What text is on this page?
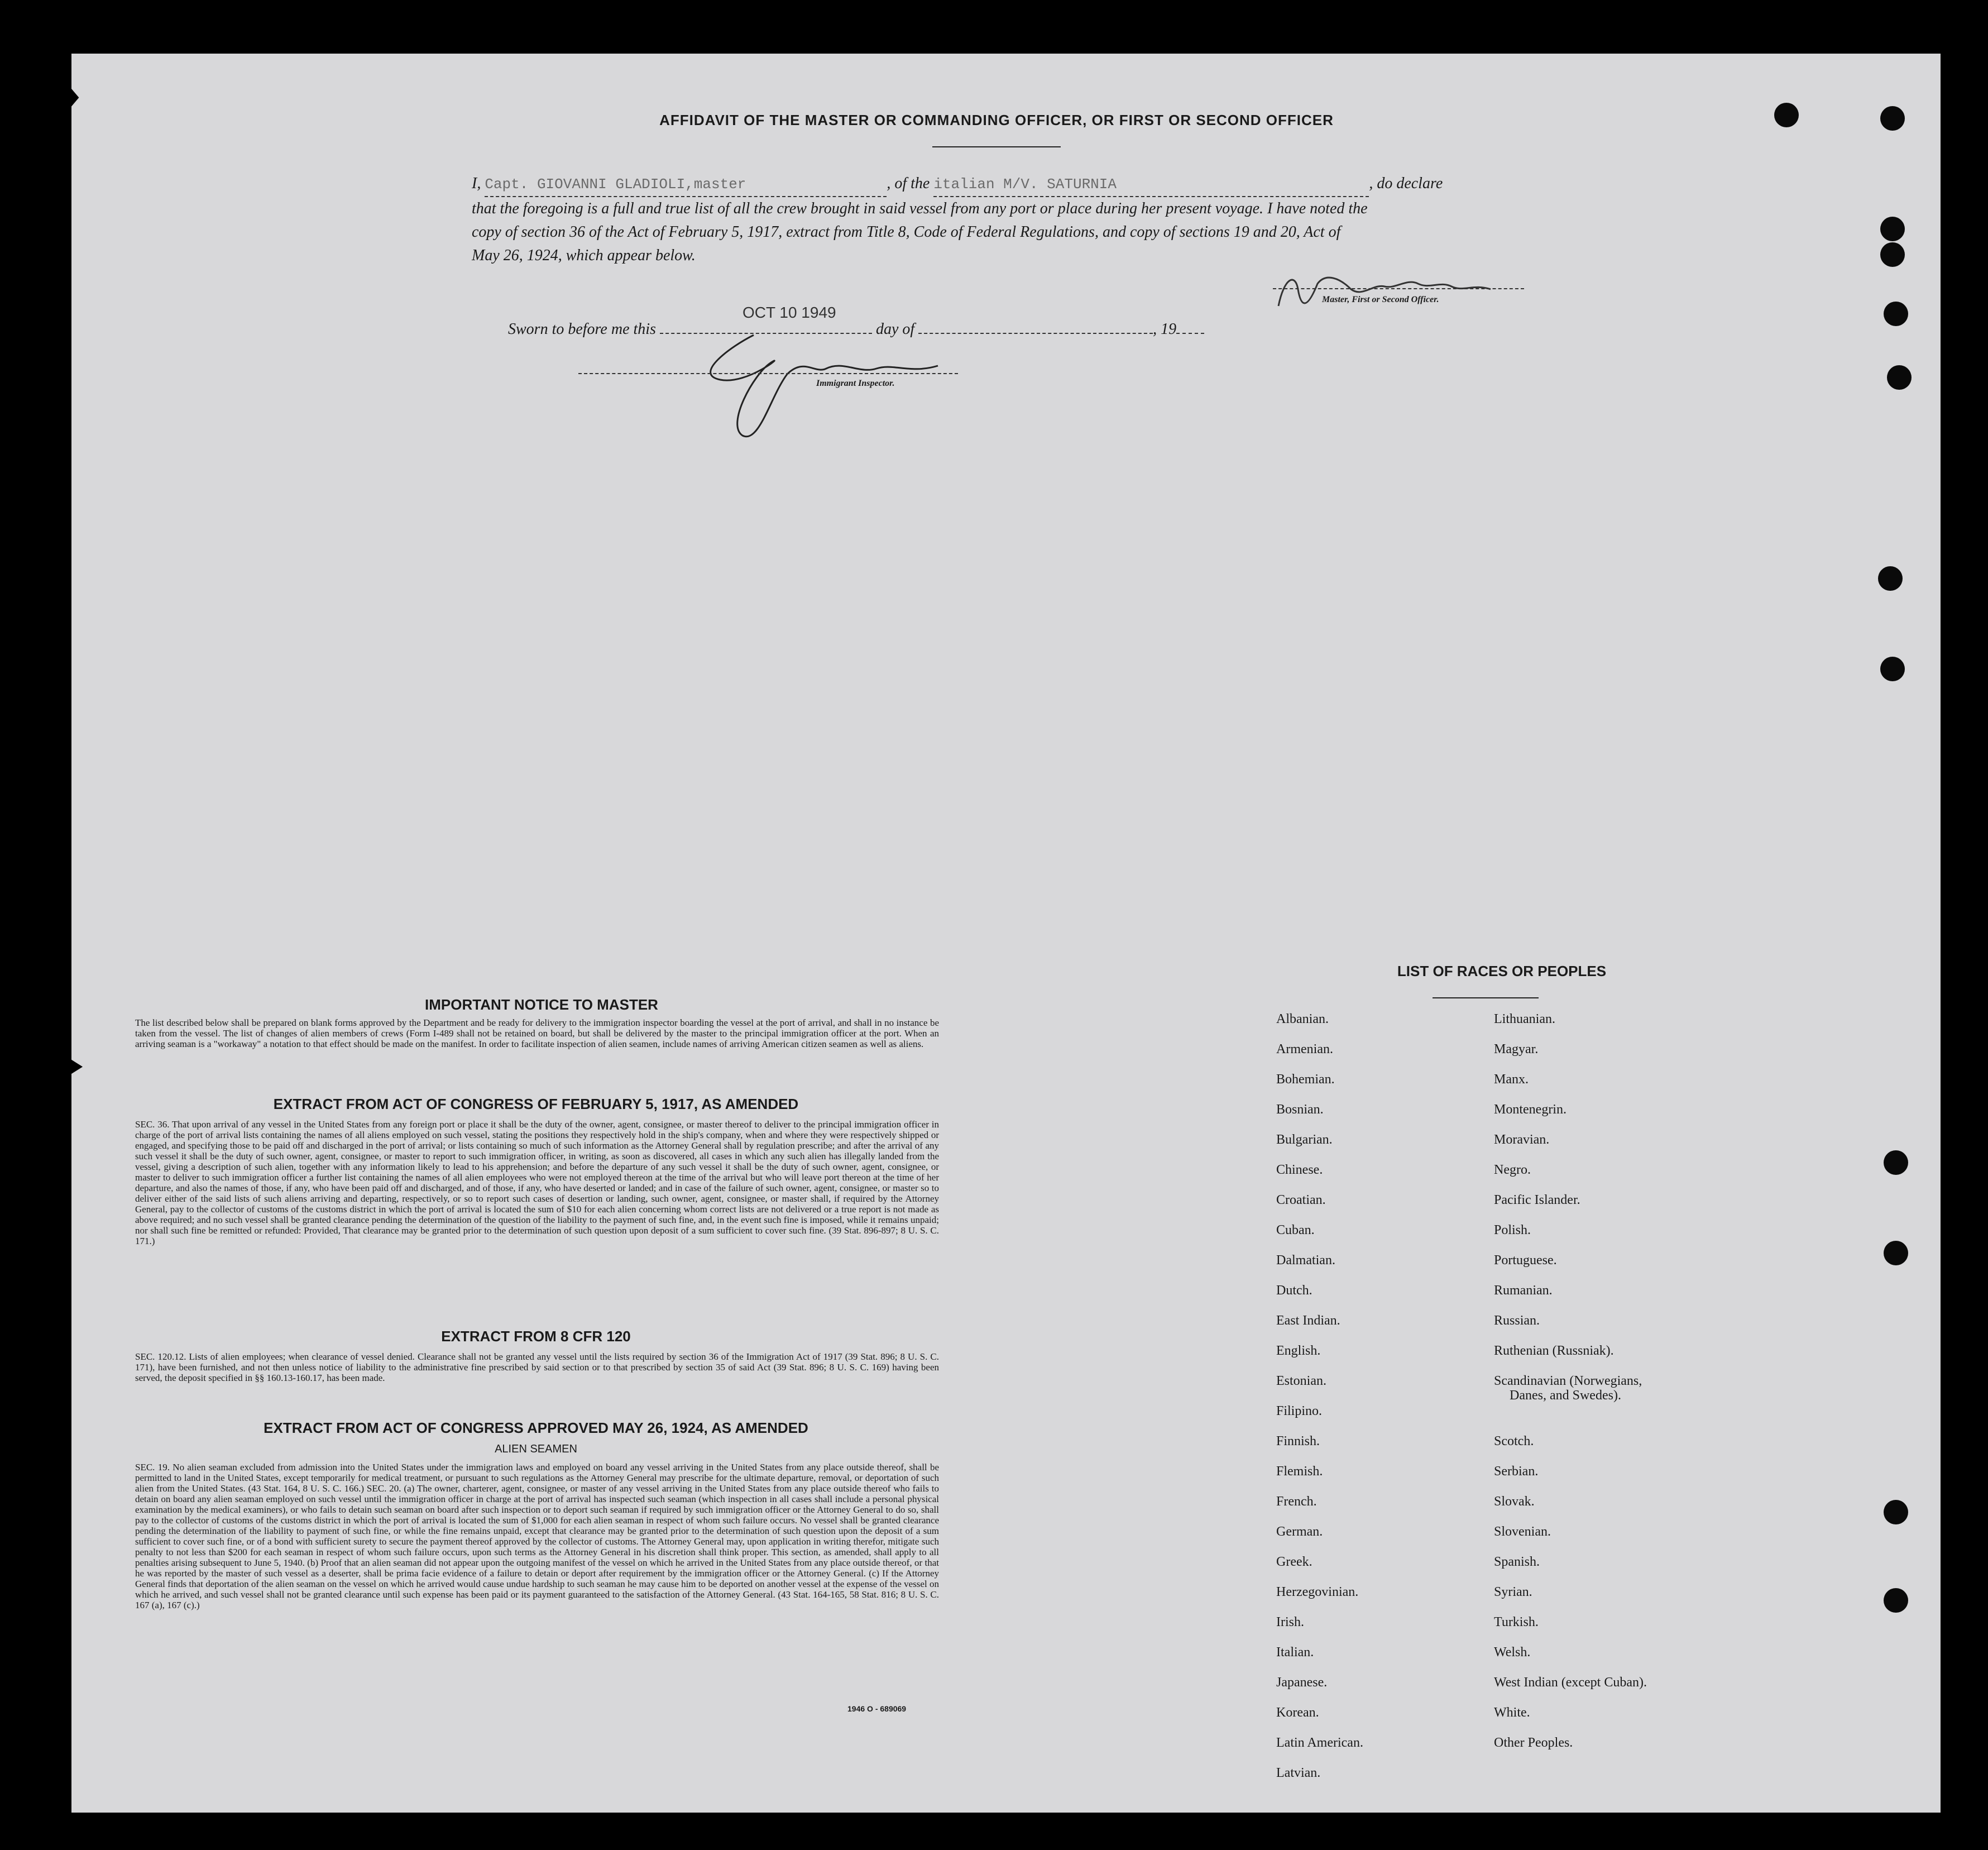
AFFIDAVIT OF THE MASTER OR COMMANDING OFFICER, OR FIRST OR SECOND OFFICER
I, Capt. GIOVANNI GLADIOLI,master	, of the italian M/V. SATURNIA	, do declare
that the foregoing is a full and true list of all the crew brought in said vessel from any port or place during her present voyage. I have noted the
copy of section 36 of the Act of February 5, 1917, extract from Title 8, Code of Federal Regulations, and copy of sections 19 and 20, Act of
May 26, 1924, which appear below.
Master, First or Second Officer.
Sworn to before me this	day of	, 19
OCT 10 1949
Immigrant Inspector.
IMPORTANT NOTICE TO MASTER
The list described below shall be prepared on blank forms approved by the Department and be ready for delivery to the immigration inspector boarding the vessel at the port of arrival, and shall in no instance be taken from the vessel. The list of changes of alien members of crews (Form I-489 shall not be retained on board, but shall be delivered by the master to the principal immigration officer at the port. When an arriving seaman is a "workaway" a notation to that effect should be made on the manifest. In order to facilitate inspection of alien seamen, include names of arriving American citizen seamen as well as aliens.
EXTRACT FROM ACT OF CONGRESS OF FEBRUARY 5, 1917, AS AMENDED
SEC. 36. That upon arrival of any vessel in the United States from any foreign port or place it shall be the duty of the owner, agent, consignee, or master thereof to deliver to the principal immigration officer in charge of the port of arrival lists containing the names of all aliens employed on such vessel, stating the positions they respectively hold in the ship's company, when and where they were respectively shipped or engaged, and specifying those to be paid off and discharged in the port of arrival; or lists containing so much of such information as the Attorney General shall by regulation prescribe; and after the arrival of any such vessel it shall be the duty of such owner, agent, consignee, or master to report to such immigration officer, in writing, as soon as discovered, all cases in which any such alien has illegally landed from the vessel, giving a description of such alien, together with any information likely to lead to his apprehension; and before the departure of any such vessel it shall be the duty of such owner, agent, consignee, or master to deliver to such immigration officer a further list containing the names of all alien employees who were not employed thereon at the time of the arrival but who will leave port thereon at the time of her departure, and also the names of those, if any, who have been paid off and discharged, and of those, if any, who have deserted or landed; and in case of the failure of such owner, agent, consignee, or master so to deliver either of the said lists of such aliens arriving and departing, respectively, or so to report such cases of desertion or landing, such owner, agent, consignee, or master shall, if required by the Attorney General, pay to the collector of customs of the customs district in which the port of arrival is located the sum of $10 for each alien concerning whom correct lists are not delivered or a true report is not made as above required; and no such vessel shall be granted clearance pending the determination of the question of the liability to the payment of such fine, and, in the event such fine is imposed, while it remains unpaid; nor shall such fine be remitted or refunded: Provided, That clearance may be granted prior to the determination of such question upon deposit of a sum sufficient to cover such fine. (39 Stat. 896-897; 8 U. S. C. 171.)
EXTRACT FROM 8 CFR 120
SEC. 120.12. Lists of alien employees; when clearance of vessel denied. Clearance shall not be granted any vessel until the lists required by section 36 of the Immigration Act of 1917 (39 Stat. 896; 8 U. S. C. 171), have been furnished, and not then unless notice of liability to the administrative fine prescribed by said section or to that prescribed by section 35 of said Act (39 Stat. 896; 8 U. S. C. 169) having been served, the deposit specified in §§ 160.13-160.17, has been made.
EXTRACT FROM ACT OF CONGRESS APPROVED MAY 26, 1924, AS AMENDED
ALIEN SEAMEN
SEC. 19. No alien seaman excluded from admission into the United States under the immigration laws and employed on board any vessel arriving in the United States from any place outside thereof, shall be permitted to land in the United States, except temporarily for medical treatment, or pursuant to such regulations as the Attorney General may prescribe for the ultimate departure, removal, or deportation of such alien from the United States. (43 Stat. 164, 8 U. S. C. 166.) SEC. 20. (a) The owner, charterer, agent, consignee, or master of any vessel arriving in the United States from any place outside thereof who fails to detain on board any alien seaman employed on such vessel until the immigration officer in charge at the port of arrival has inspected such seaman (which inspection in all cases shall include a personal physical examination by the medical examiners), or who fails to detain such seaman on board after such inspection or to deport such seaman if required by such immigration officer or the Attorney General to do so, shall pay to the collector of customs of the customs district in which the port of arrival is located the sum of $1,000 for each alien seaman in respect of whom such failure occurs. No vessel shall be granted clearance pending the determination of the liability to payment of such fine, or while the fine remains unpaid, except that clearance may be granted prior to the determination of such question upon the deposit of a sum sufficient to cover such fine, or of a bond with sufficient surety to secure the payment thereof approved by the collector of customs. The Attorney General may, upon application in writing therefor, mitigate such penalty to not less than $200 for each seaman in respect of whom such failure occurs, upon such terms as the Attorney General in his discretion shall think proper. This section, as amended, shall apply to all penalties arising subsequent to June 5, 1940. (b) Proof that an alien seaman did not appear upon the outgoing manifest of the vessel on which he arrived in the United States from any place outside thereof, or that he was reported by the master of such vessel as a deserter, shall be prima facie evidence of a failure to detain or deport after requirement by the immigration officer or the Attorney General. (c) If the Attorney General finds that deportation of the alien seaman on the vessel on which he arrived would cause undue hardship to such seaman he may cause him to be deported on another vessel at the expense of the vessel on which he arrived, and such vessel shall not be granted clearance until such expense has been paid or its payment guaranteed to the satisfaction of the Attorney General. (43 Stat. 164-165, 58 Stat. 816; 8 U. S. C. 167 (a), 167 (c).)
1946 O - 689069
LIST OF RACES OR PEOPLES
Albanian.
Armenian.
Bohemian.
Bosnian.
Bulgarian.
Chinese.
Croatian.
Cuban.
Dalmatian.
Dutch.
East Indian.
English.
Estonian.
Filipino.
Finnish.
Flemish.
French.
German.
Greek.
Herzegovinian.
Irish.
Italian.
Japanese.
Korean.
Latin American.
Latvian.
Lithuanian.
Magyar.
Manx.
Montenegrin.
Moravian.
Negro.
Pacific Islander.
Polish.
Portuguese.
Rumanian.
Russian.
Ruthenian (Russniak).
Scandinavian (Norwegians,
Danes, and Swedes).
Scotch.
Serbian.
Slovak.
Slovenian.
Spanish.
Syrian.
Turkish.
Welsh.
West Indian (except Cuban).
White.
Other Peoples.
